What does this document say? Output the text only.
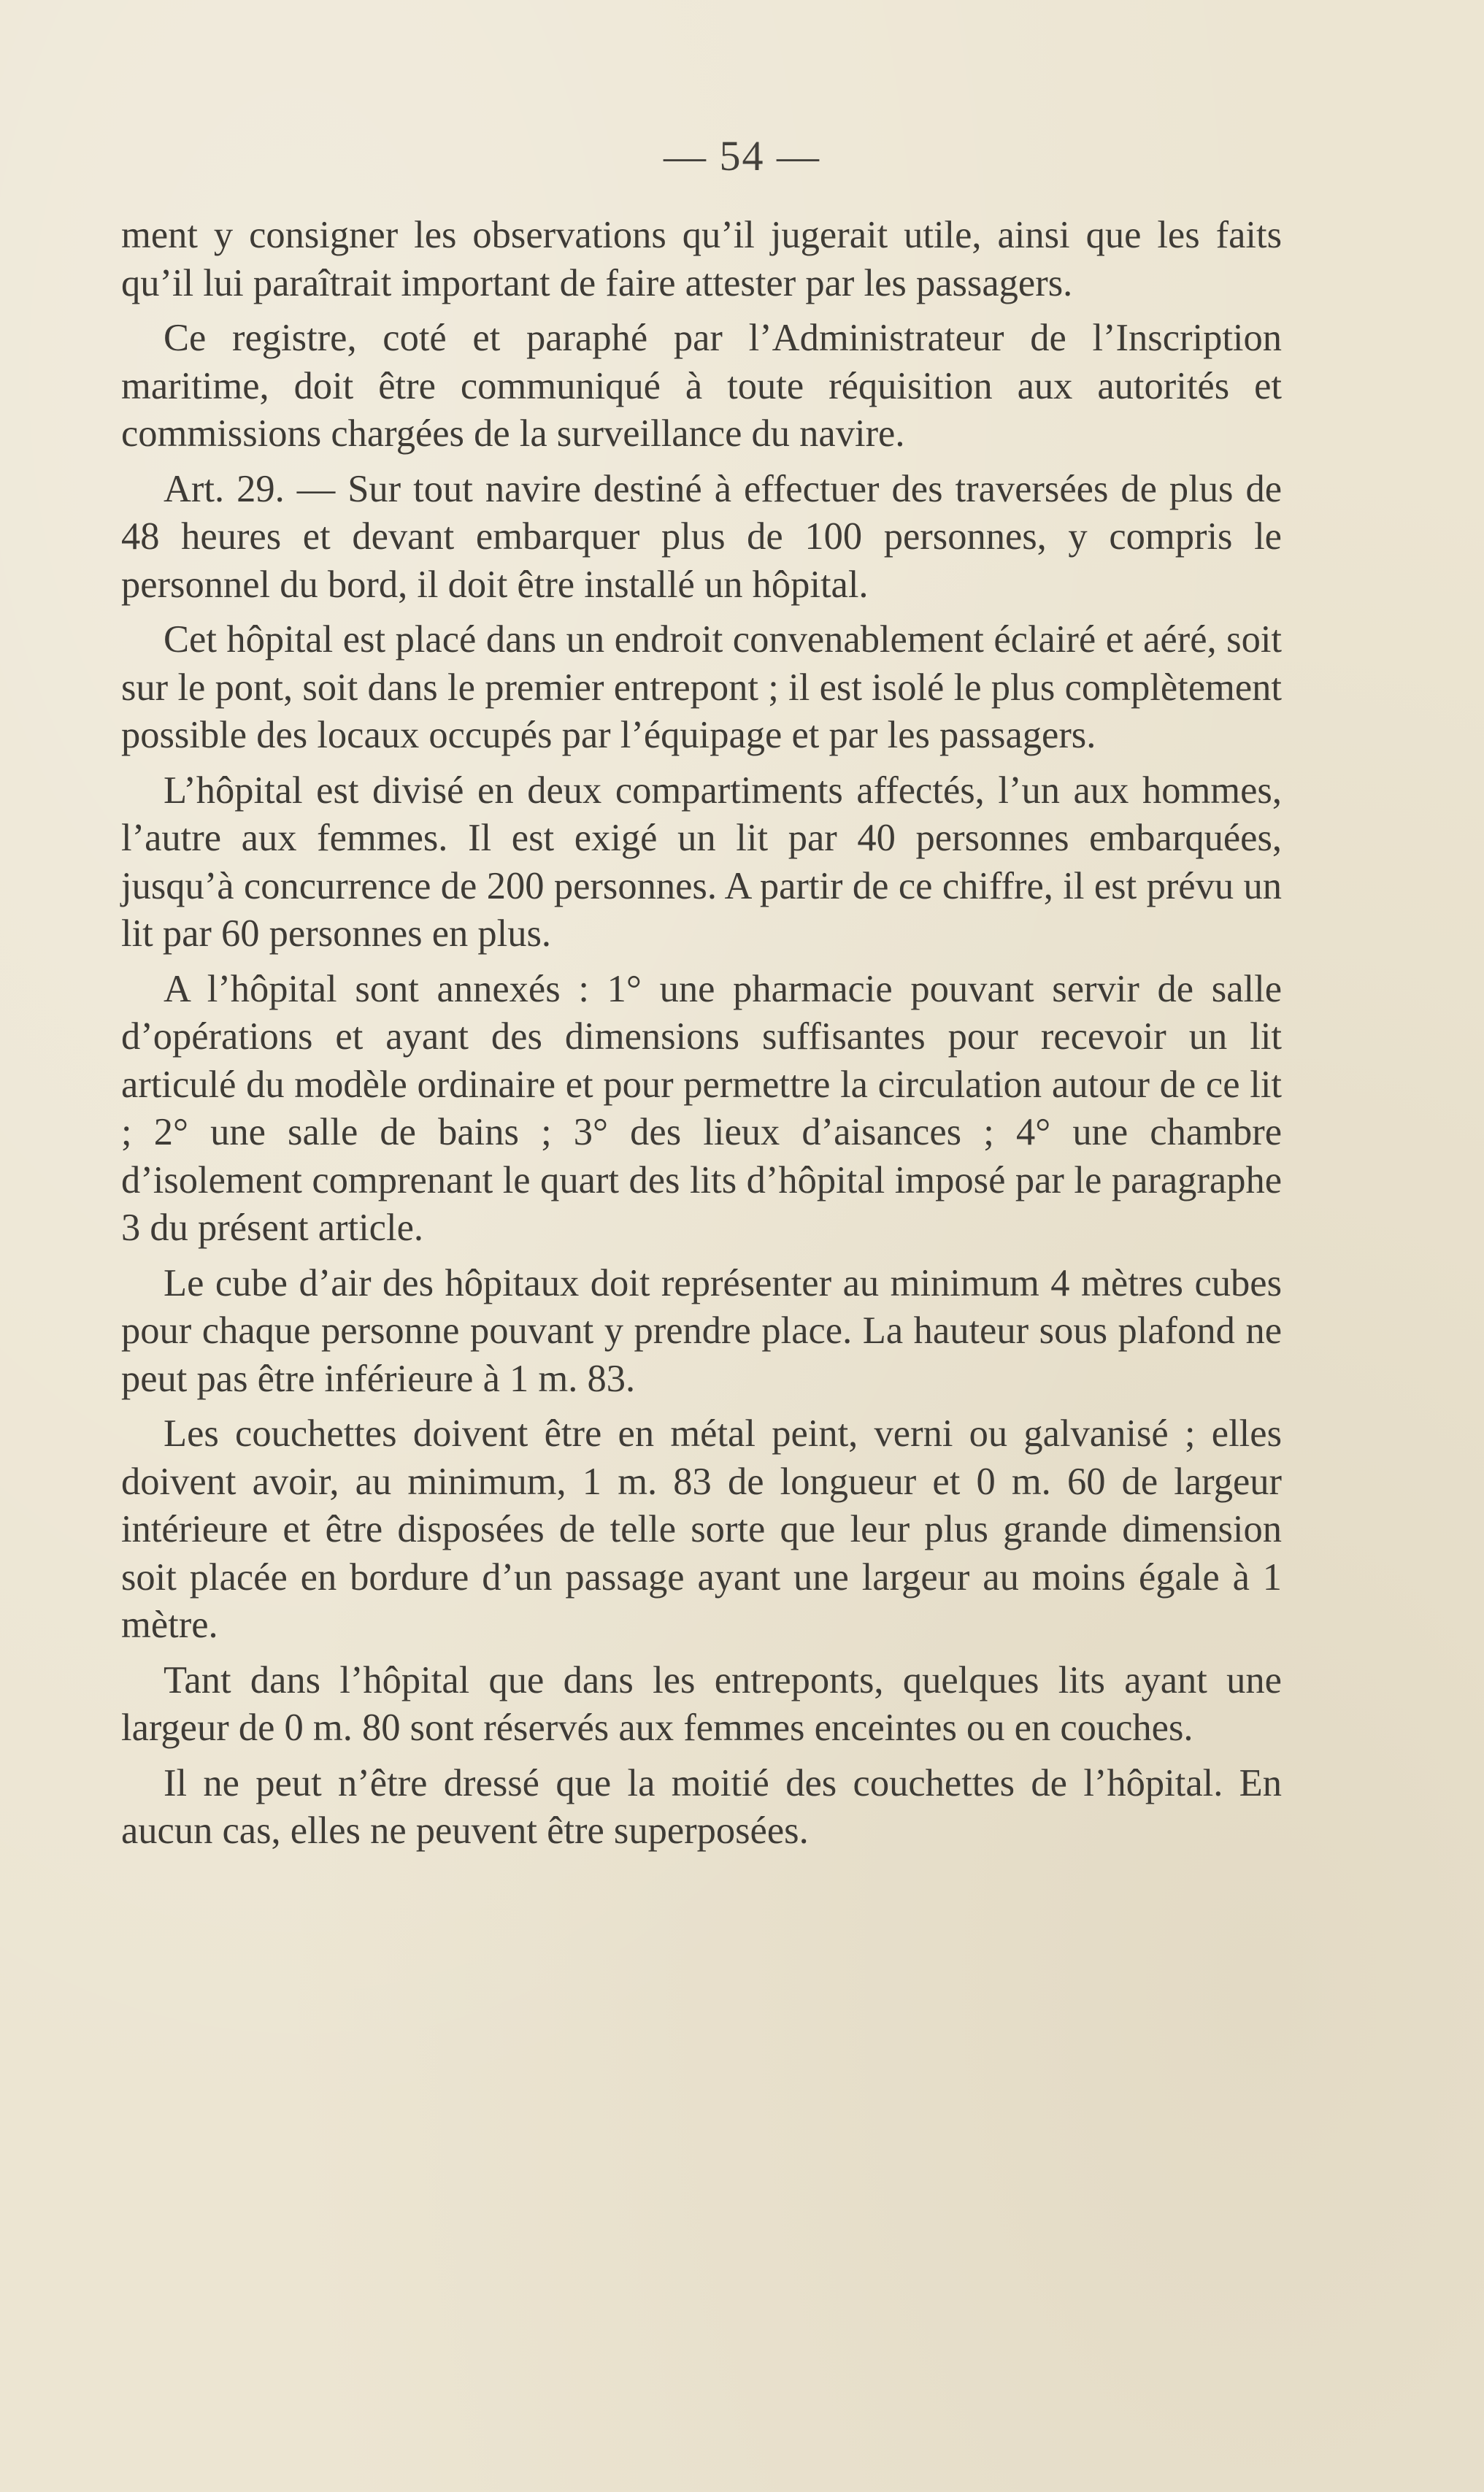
— 54 —

ment y consigner les observations qu’il jugerait utile, ainsi que les faits qu’il lui paraîtrait important de faire attester par les passagers.

Ce registre, coté et paraphé par l’Administrateur de l’Inscription maritime, doit être communiqué à toute réquisition aux autorités et commissions chargées de la surveillance du navire.

Art. 29. — Sur tout navire destiné à effectuer des traversées de plus de 48 heures et devant embarquer plus de 100 personnes, y compris le personnel du bord, il doit être installé un hôpital.

Cet hôpital est placé dans un endroit convenablement éclairé et aéré, soit sur le pont, soit dans le premier entrepont ; il est isolé le plus complètement possible des locaux occupés par l’équipage et par les passagers.

L’hôpital est divisé en deux compartiments affectés, l’un aux hommes, l’autre aux femmes. Il est exigé un lit par 40 personnes embarquées, jusqu’à concurrence de 200 personnes. A partir de ce chiffre, il est prévu un lit par 60 personnes en plus.

A l’hôpital sont annexés : 1° une pharmacie pouvant servir de salle d’opérations et ayant des dimensions suffisantes pour recevoir un lit articulé du modèle ordinaire et pour permettre la circulation autour de ce lit ; 2° une salle de bains ; 3° des lieux d’aisances ; 4° une chambre d’isolement comprenant le quart des lits d’hôpital imposé par le paragraphe 3 du présent article.

Le cube d’air des hôpitaux doit représenter au minimum 4 mètres cubes pour chaque personne pouvant y prendre place. La hauteur sous plafond ne peut pas être inférieure à 1 m. 83.

Les couchettes doivent être en métal peint, verni ou galvanisé ; elles doivent avoir, au minimum, 1 m. 83 de longueur et 0 m. 60 de largeur intérieure et être disposées de telle sorte que leur plus grande dimension soit placée en bordure d’un passage ayant une largeur au moins égale à 1 mètre.

Tant dans l’hôpital que dans les entreponts, quelques lits ayant une largeur de 0 m. 80 sont réservés aux femmes enceintes ou en couches.

Il ne peut n’être dressé que la moitié des couchettes de l’hôpital. En aucun cas, elles ne peuvent être superposées.
